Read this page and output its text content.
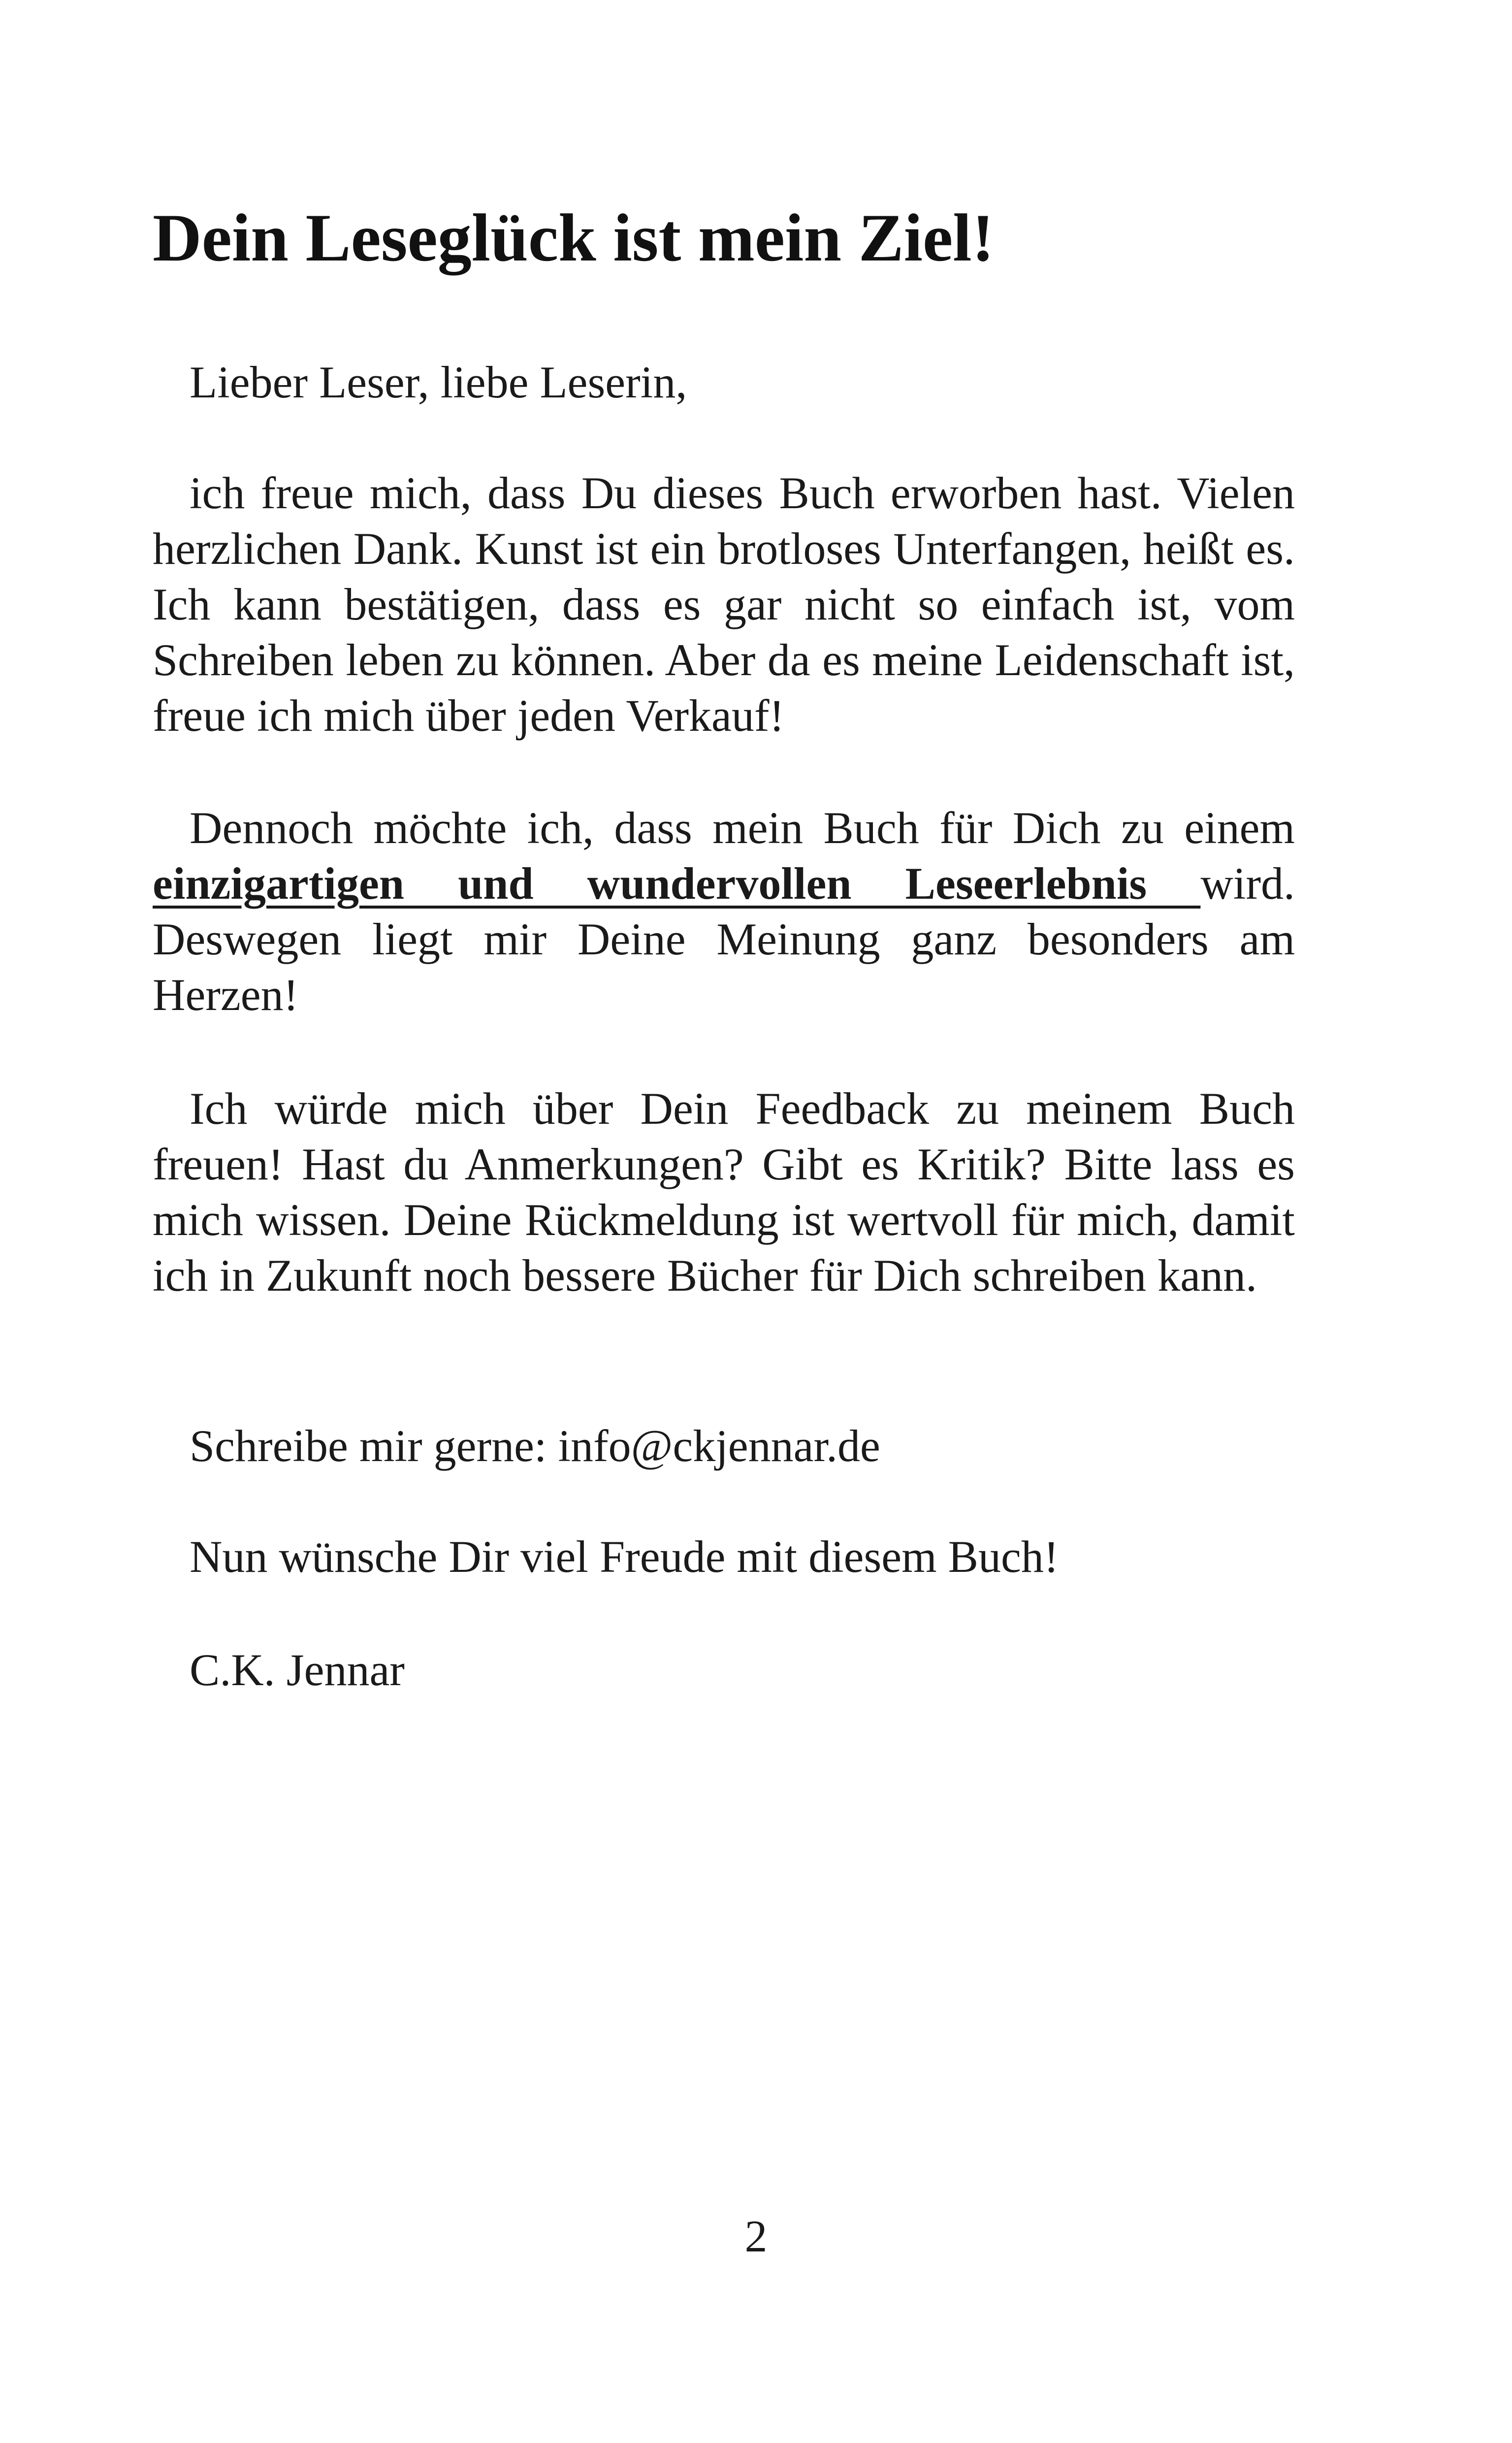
Dein Leseglück ist mein Ziel!

Lieber Leser, liebe Leserin,

ich freue mich, dass Du dieses Buch erworben hast. Vielen herzlichen Dank. Kunst ist ein brotloses Unterfangen, heißt es. Ich kann bestätigen, dass es gar nicht so einfach ist, vom Schreiben leben zu können. Aber da es meine Leidenschaft ist, freue ich mich über jeden Verkauf!

Dennoch möchte ich, dass mein Buch für Dich zu einem einzigartigen und wundervollen Leseerlebnis wird. Deswegen liegt mir Deine Meinung ganz besonders am Herzen!

Ich würde mich über Dein Feedback zu meinem Buch freuen! Hast du Anmerkungen? Gibt es Kritik? Bitte lass es mich wissen. Deine Rückmeldung ist wertvoll für mich, damit ich in Zukunft noch bessere Bücher für Dich schreiben kann.

Schreibe mir gerne: info@ckjennar.de

Nun wünsche Dir viel Freude mit diesem Buch!

C.K. Jennar

2
